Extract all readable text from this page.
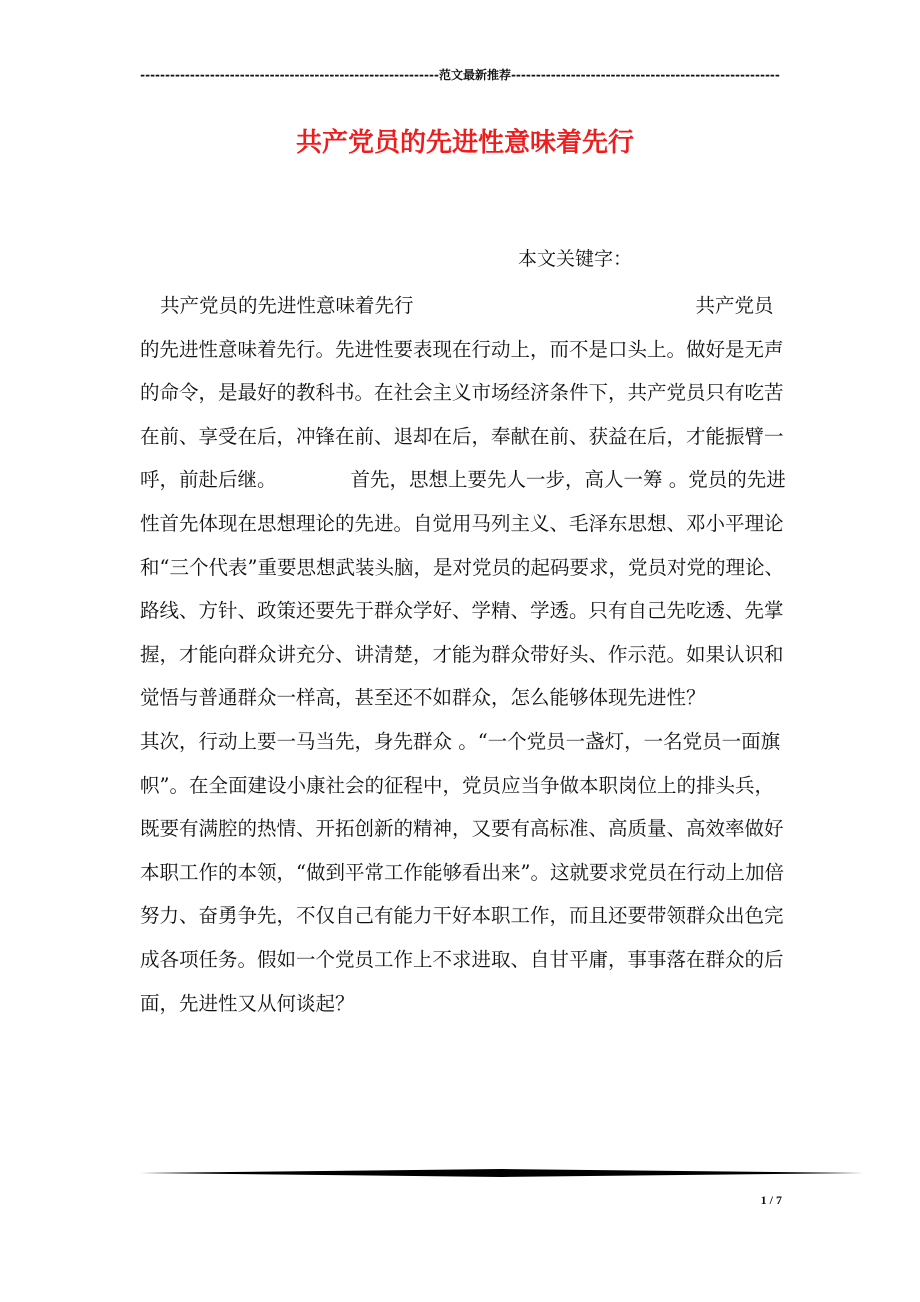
------------------------------------------------------------范文最新推荐------------------------------------------------------
共产党员的先进性意味着先行
本文关键字：

共产党员的先进性意味着先行	共产党员的先进性意味着先行。先进性要表现在行动上，而不是口头上。做好是无声的命令，是最好的教科书。在社会主义市场经济条件下，共产党员只有吃苦在前、享受在后，冲锋在前、退却在后，奉献在前、获益在后，才能振臂一呼，前赴后继。	首先，思想上要先人一步，高人一筹 。党员的先进性首先体现在思想理论的先进。自觉用马列主义、毛泽东思想、邓小平理论和“三个代表”重要思想武装头脑，是对党员的起码要求，党员对党的理论、路线、方针、政策还要先于群众学好、学精、学透。只有自己先吃透、先掌握，才能向群众讲充分、讲清楚，才能为群众带好头、作示范。如果认识和觉悟与普通群众一样高，甚至还不如群众，怎么能够体现先进性？其次，行动上要一马当先，身先群众 。“一个党员一盏灯，一名党员一面旗帜”。在全面建设小康社会的征程中，党员应当争做本职岗位上的排头兵，既要有满腔的热情、开拓创新的精神，又要有高标准、高质量、高效率做好本职工作的本领，“做到平常工作能够看出来”。这就要求党员在行动上加倍努力、奋勇争先，不仅自己有能力干好本职工作，而且还要带领群众出色完成各项任务。假如一个党员工作上不求进取、自甘平庸，事事落在群众的后面，先进性又从何谈起？

1 / 7
